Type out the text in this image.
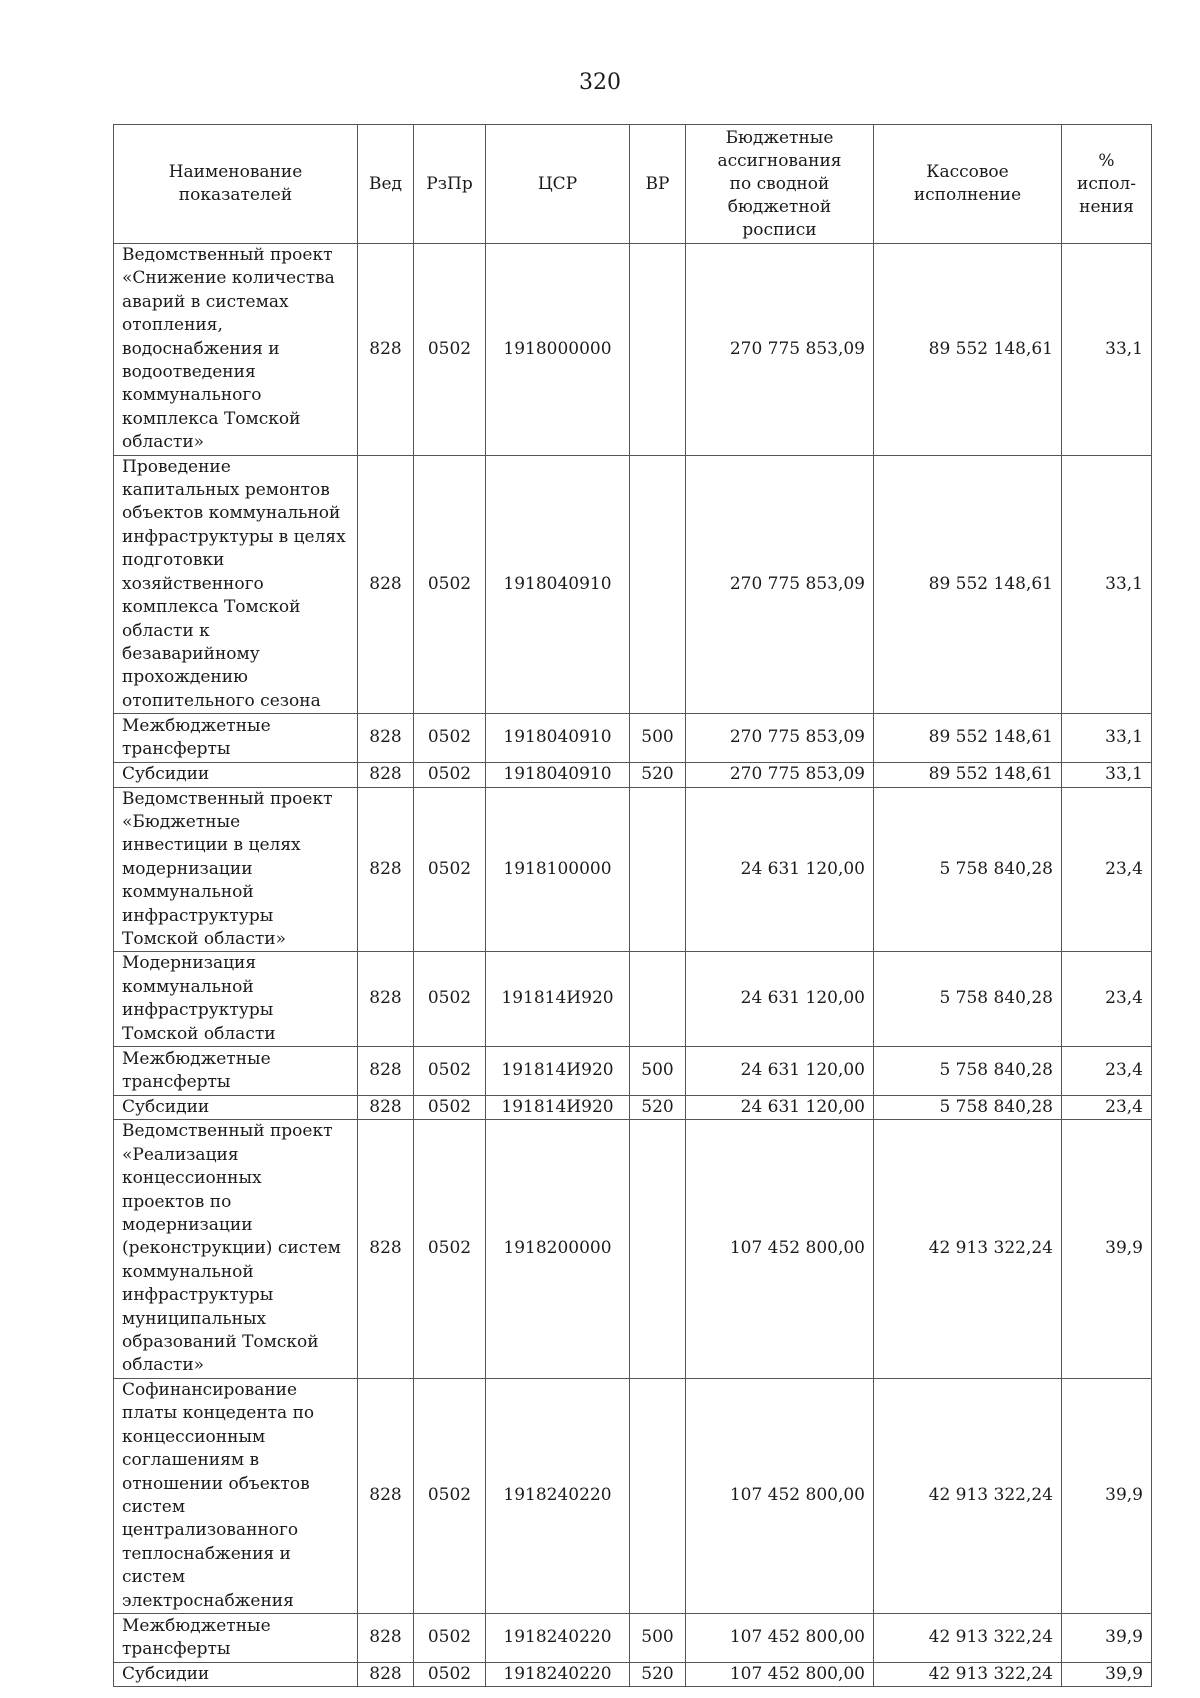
320
Наименование показателей	Вед	РзПр	ЦСР	ВР	Бюджетные ассигнования по сводной бюджетной росписи	Кассовое исполнение	% испол-нения
Ведомственный проект «Снижение количества аварий в системах отопления, водоснабжения и водоотведения коммунального комплекса Томской области»	828	0502	1918000000		270 775 853,09	89 552 148,61	33,1
Проведение капитальных ремонтов объектов коммунальной инфраструктуры в целях подготовки хозяйственного комплекса Томской области к безаварийному прохождению отопительного сезона	828	0502	1918040910		270 775 853,09	89 552 148,61	33,1
Межбюджетные трансферты	828	0502	1918040910	500	270 775 853,09	89 552 148,61	33,1
Субсидии	828	0502	1918040910	520	270 775 853,09	89 552 148,61	33,1
Ведомственный проект «Бюджетные инвестиции в целях модернизации коммунальной инфраструктуры Томской области»	828	0502	1918100000		24 631 120,00	5 758 840,28	23,4
Модернизация коммунальной инфраструктуры Томской области	828	0502	191814И920		24 631 120,00	5 758 840,28	23,4
Межбюджетные трансферты	828	0502	191814И920	500	24 631 120,00	5 758 840,28	23,4
Субсидии	828	0502	191814И920	520	24 631 120,00	5 758 840,28	23,4
Ведомственный проект «Реализация концессионных проектов по модернизации (реконструкции) систем коммунальной инфраструктуры муниципальных образований Томской области»	828	0502	1918200000		107 452 800,00	42 913 322,24	39,9
Софинансирование платы концедента по концессионным соглашениям в отношении объектов систем централизованного теплоснабжения и систем электроснабжения	828	0502	1918240220		107 452 800,00	42 913 322,24	39,9
Межбюджетные трансферты	828	0502	1918240220	500	107 452 800,00	42 913 322,24	39,9
Субсидии	828	0502	1918240220	520	107 452 800,00	42 913 322,24	39,9
